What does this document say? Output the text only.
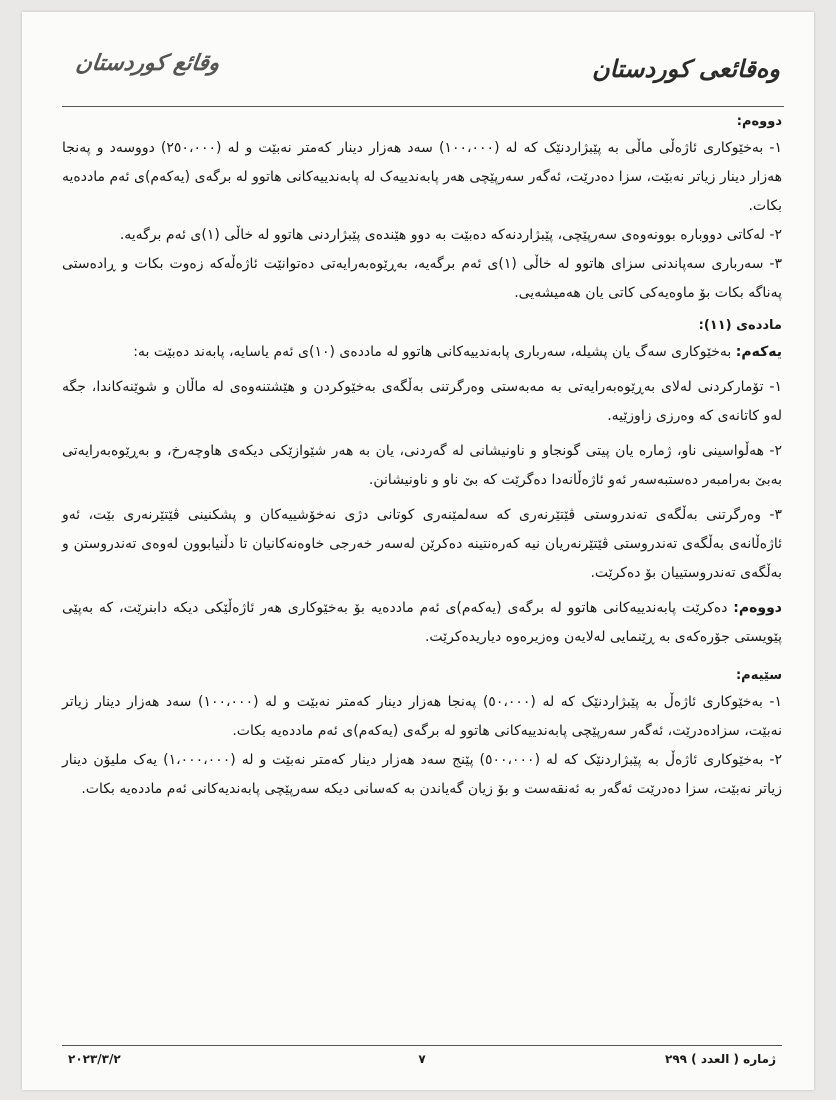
وەقائعی کوردستان
وقائع كوردستان

دووەم:

١- بەخێوکاری ئاژەڵی ماڵی بە پێبژاردنێک کە لە (١٠٠،٠٠٠) سەد هەزار دینار کەمتر نەبێت و لە (٢٥٠،٠٠٠) دووسەد و پەنجا هەزار دینار زیاتر نەبێت، سزا دەدرێت، ئەگەر سەرپێچی هەر پابەندییەک لە پابەندییەکانی هاتوو لە برگەی (یەکەم)ی ئەم ماددەیە بکات.

٢- لەکاتی دووبارە بوونەوەی سەرپێچی، پێبژاردنەکە دەبێت بە دوو هێندەی پێبژاردنی هاتوو لە خاڵی (١)ی ئەم برگەیە.

٣- سەرباری سەپاندنی سزای هاتوو لە خاڵی (١)ی ئەم برگەیە، بەڕێوەبەرایەتی دەتوانێت ئاژەڵەکە زەوت بکات و ڕادەستی پەناگە بکات بۆ ماوەیەکی کاتی یان هەمیشەیی.

ماددەی (١١):

یەکەم: بەخێوکاری سەگ یان پشیلە، سەرباری پابەندییەکانی هاتوو لە ماددەی (١٠)ی ئەم یاسایە، پابەند دەبێت بە:

١- تۆمارکردنی لەلای بەڕێوەبەرایەتی بە مەبەستی وەرگرتنی بەڵگەی بەخێوکردن و هێشتنەوەی لە ماڵان و شوێنەکاندا، جگە لەو کاتانەی کە وەرزی زاوزێیە.

٢- هەڵواسینی ناو، ژمارە یان پیتی گونجاو و ناونیشانی لە گەردنی، یان بە هەر شێوازێکی دیکەی هاوچەرخ، و بەڕێوەبەرایەتی بەبێ بەرامبەر دەستبەسەر ئەو ئاژەڵانەدا دەگرێت کە بێ ناو و ناونیشانن.

٣- وەرگرتنی بەڵگەی تەندروستی ڤێتێرنەری کە سەلمێنەری کوتانی دژی نەخۆشییەکان و پشکنینی ڤێتێرنەری بێت، ئەو ئاژەڵانەی بەڵگەی تەندروستی ڤێتێرنەریان نیە کەرەنتینە دەکرێن لەسەر خەرجی خاوەنەکانیان تا دڵنیابوون لەوەی تەندروستن و بەڵگەی تەندروستییان بۆ دەکرێت.

دووەم: دەکرێت پابەندییەکانی هاتوو لە برگەی (یەکەم)ی ئەم ماددەیە بۆ بەخێوکاری هەر ئاژەڵێکی دیکە دابنرێت، کە بەپێی پێویستی جۆرەکەی بە ڕێنمایی لەلایەن وەزیرەوە دیاریدەکرێت.

سێیەم:

١- بەخێوکاری ئاژەڵ بە پێبژاردنێک کە لە (٥٠،٠٠٠) پەنجا هەزار دینار کەمتر نەبێت و لە (١٠٠،٠٠٠) سەد هەزار دینار زیاتر نەبێت، سزادەدرێت، ئەگەر سەرپێچی پابەندییەکانی هاتوو لە برگەی (یەکەم)ی ئەم ماددەیە بکات.

٢- بەخێوکاری ئاژەڵ بە پێبژاردنێک کە لە (٥٠٠،٠٠٠) پێنج سەد هەزار دینار کەمتر نەبێت و لە (١،٠٠٠،٠٠٠) یەک ملیۆن دینار زیاتر نەبێت، سزا دەدرێت ئەگەر بە ئەنقەست و بۆ زیان گەیاندن بە کەسانی دیکە سەرپێچی پابەندیەکانی ئەم ماددەیە بکات.

ژمارە ( العدد ) ٢٩٩
٧
٢٠٢٣/٣/٢
